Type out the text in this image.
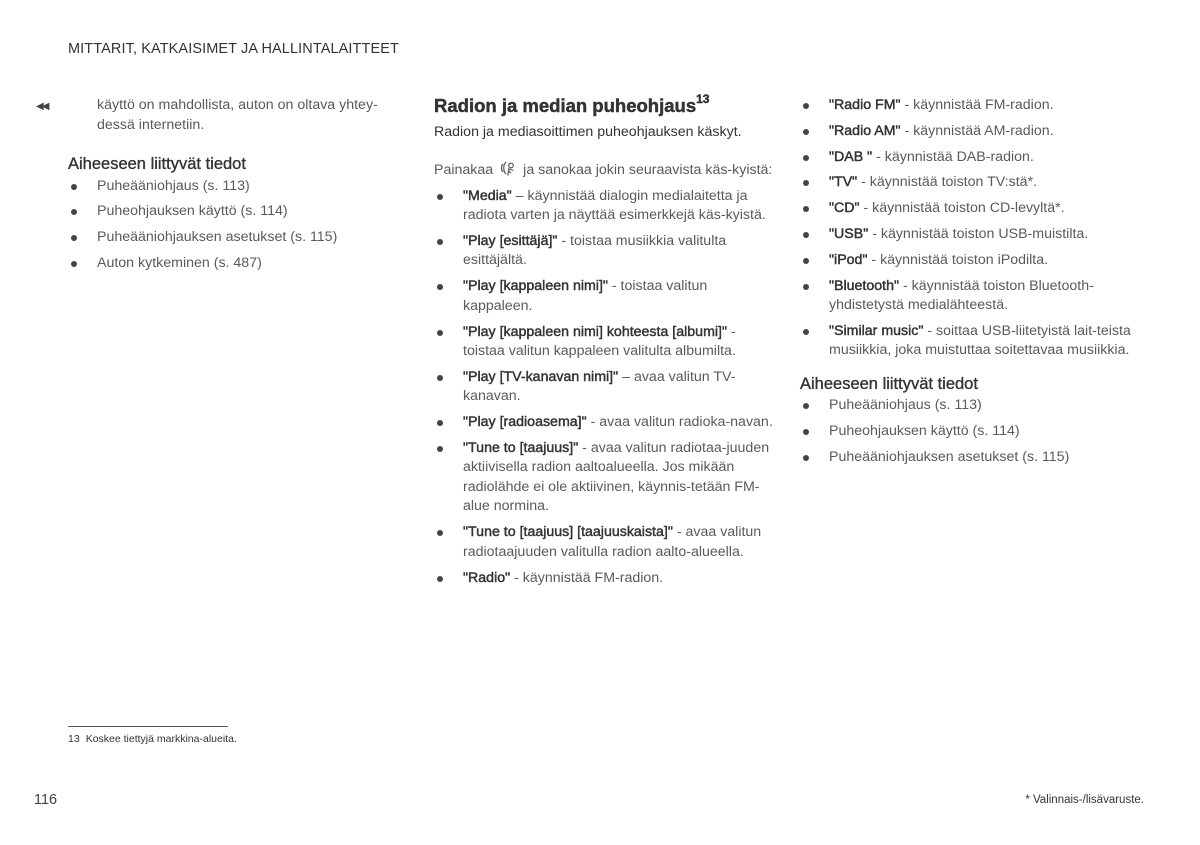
MITTARIT, KATKAISIMET JA HALLINTALAITTEET
◀◀	käyttö on mahdollista, auton on oltava yhtey-dessä internetiin.

Aiheeseen liittyvät tiedot
Puheääniohjaus (s. 113)
Puheohjauksen käyttö (s. 114)
Puheääniohjauksen asetukset (s. 115)
Auton kytkeminen (s. 487)
Radion ja median puheohjaus$^{13}$

Radion ja mediasoittimen puheohjauksen käskyt.

Painakaa ja sanokaa jokin seuraavista käs-kyistä:

"Media" – käynnistää dialogin medialaitetta ja radiota varten ja näyttää esimerkkejä käs-kyistä.
"Play [esittäjä]" - toistaa musiikkia valitulta esittäjältä.
"Play [kappaleen nimi]" - toistaa valitun kappaleen.
"Play [kappaleen nimi] kohteesta [albumi]" - toistaa valitun kappaleen valitulta albumilta.
"Play [TV-kanavan nimi]" – avaa valitun TV-kanavan.
"Play [radioasema]" - avaa valitun radioka-navan.
"Tune to [taajuus]" - avaa valitun radiotaa-juuden aktiivisella radion aaltoalueella. Jos mikään radiolähde ei ole aktiivinen, käynnis-tetään FM-alue normina.
"Tune to [taajuus] [taajuuskaista]" - avaa valitun radiotaajuuden valitulla radion aalto-alueella.
"Radio" - käynnistää FM-radion.
"Radio FM" - käynnistää FM-radion.
"Radio AM" - käynnistää AM-radion.
"DAB " - käynnistää DAB-radion.
"TV" - käynnistää toiston TV:stä*.
"CD" - käynnistää toiston CD-levyltä*.
"USB" - käynnistää toiston USB-muistilta.
"iPod" - käynnistää toiston iPodilta.
"Bluetooth" - käynnistää toiston Bluetooth-yhdistetystä medialähteestä.
"Similar music" - soittaa USB-liitetyistä lait-teista musiikkia, joka muistuttaa soitettavaa musiikkia.
Aiheeseen liittyvät tiedot
Puheääniohjaus (s. 113)
Puheohjauksen käyttö (s. 114)
Puheääniohjauksen asetukset (s. 115)
13 Koskee tiettyjä markkina-alueita.
116	* Valinnais-/lisävaruste.
